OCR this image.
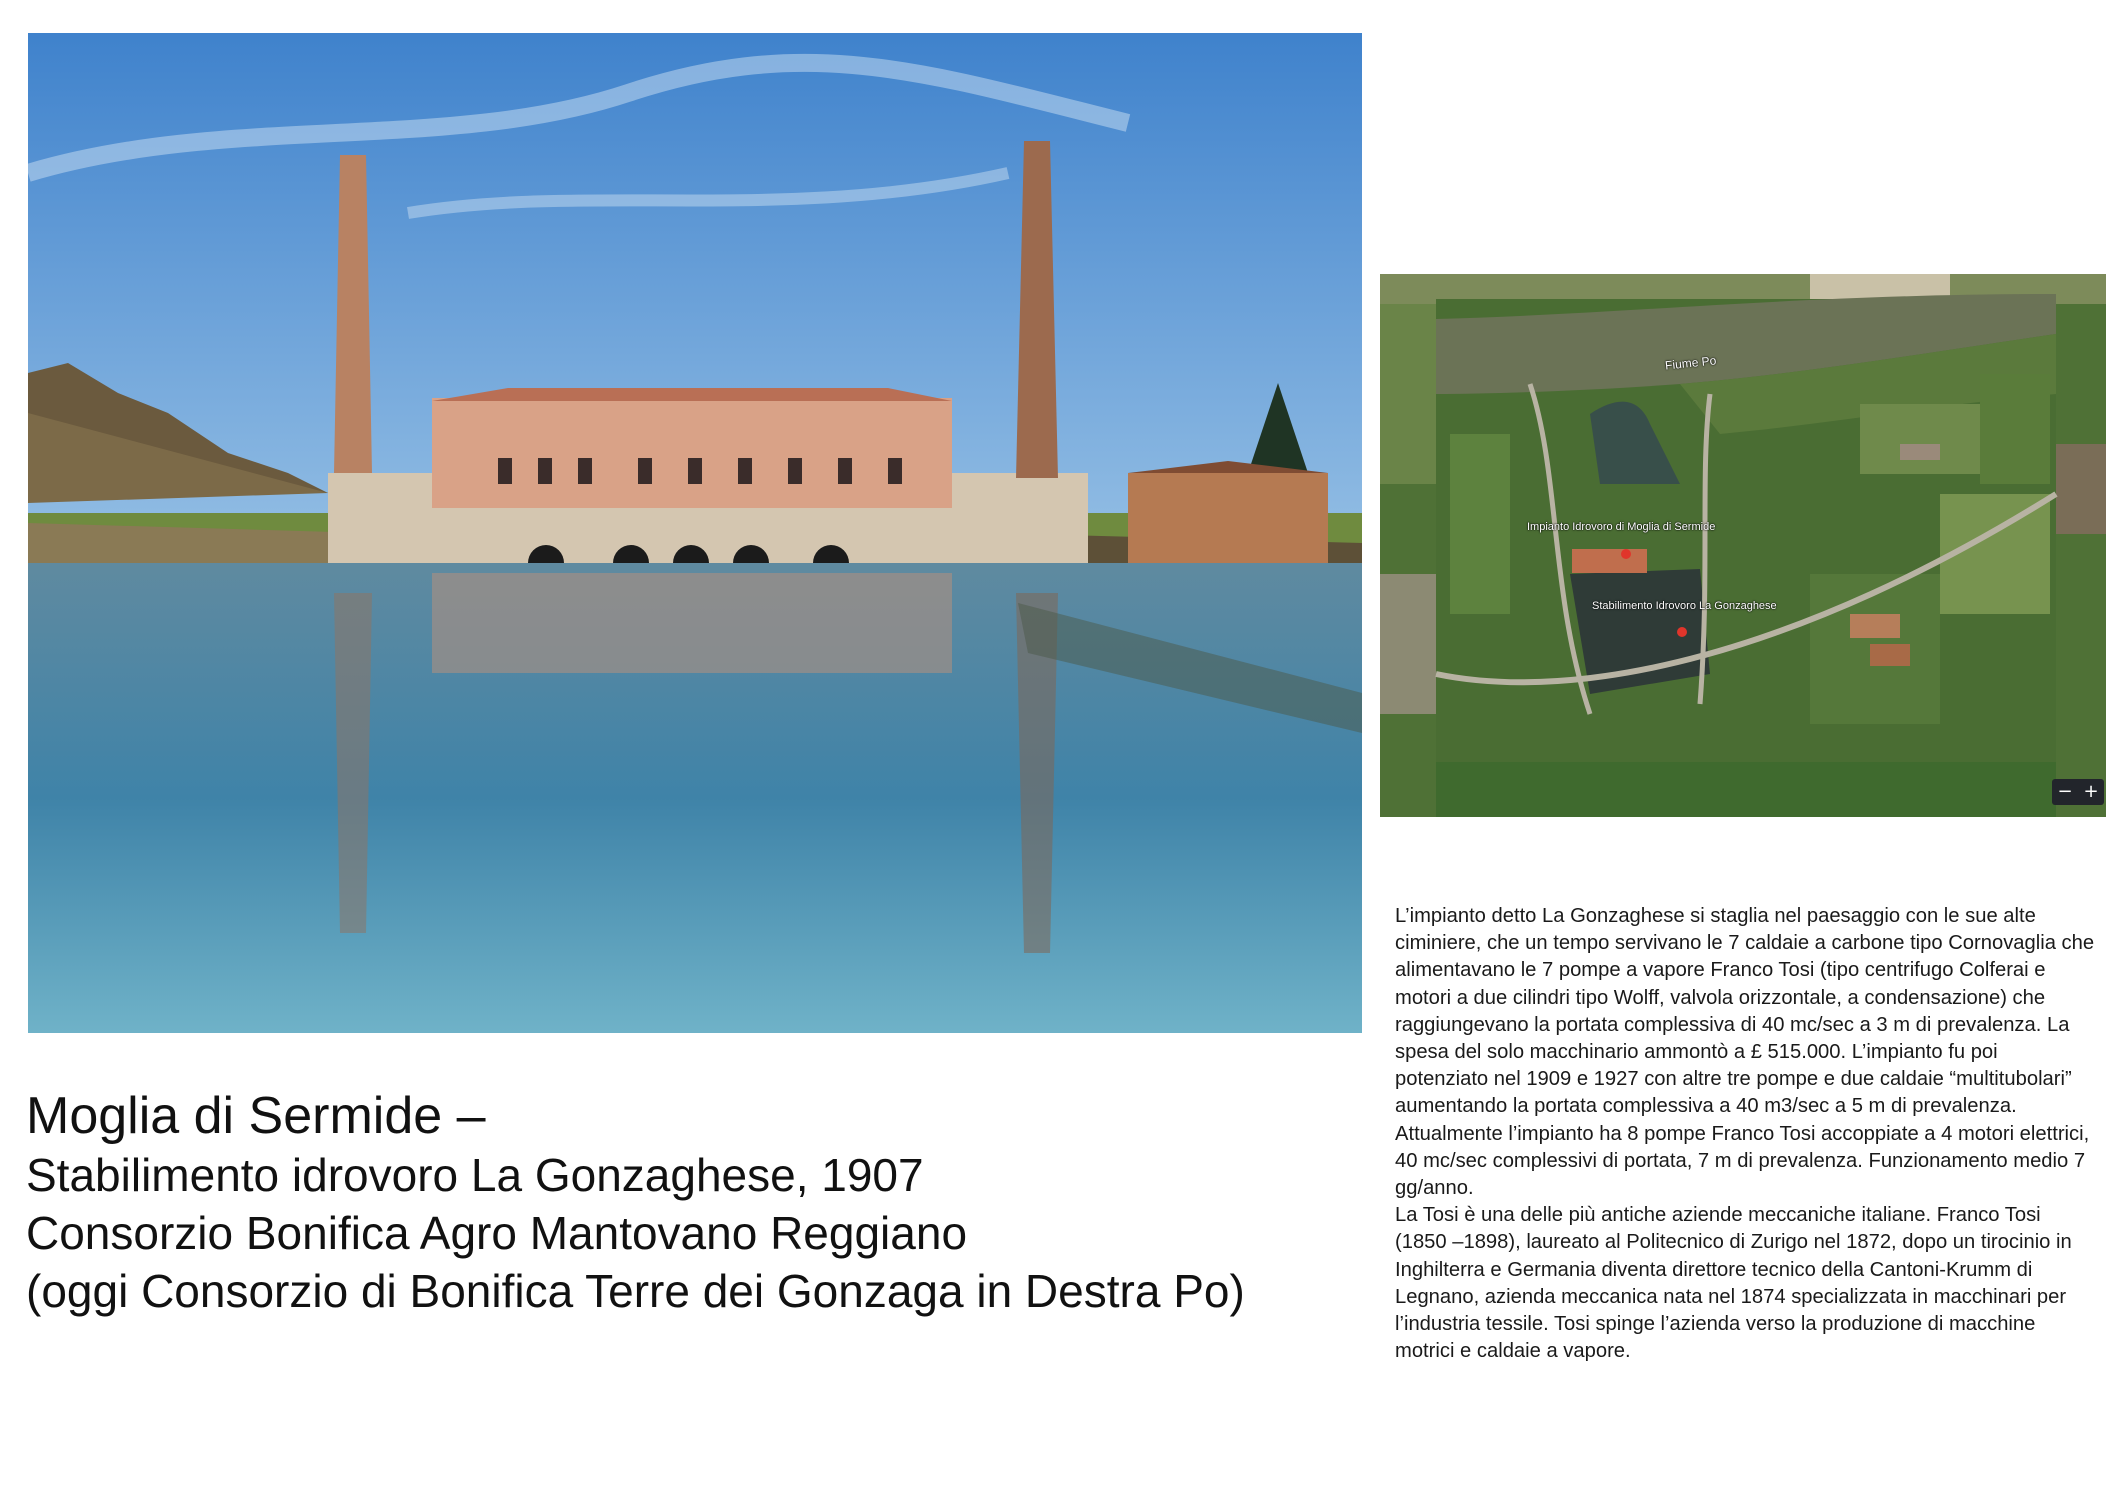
Fiume Po
Impianto Idrovoro di Moglia di Sermide
Stabilimento Idrovoro La Gonzaghese
− +
Moglia di Sermide –
Stabilimento idrovoro La Gonzaghese, 1907
Consorzio Bonifica Agro Mantovano Reggiano
(oggi Consorzio di Bonifica Terre dei Gonzaga in Destra Po)

L’impianto detto La Gonzaghese si staglia nel paesaggio con le sue alte ciminiere, che un tempo servivano le 7 caldaie a carbone tipo Cornovaglia che alimentavano le 7 pompe a vapore Franco Tosi (tipo centrifugo Colferai e motori a due cilindri tipo Wolff, valvola orizzontale, a condensazione) che raggiungevano la portata complessiva di 40 mc/sec a 3 m di prevalenza. La spesa del solo macchinario ammontò a £ 515.000. L’impianto fu poi potenziato nel 1909 e 1927 con altre tre pompe e due caldaie “multitubolari” aumentando la portata complessiva a 40 m3/sec a 5 m di prevalenza.

Attualmente l’impianto ha 8 pompe Franco Tosi accoppiate a 4 motori elettrici, 40 mc/sec complessivi di portata, 7 m di prevalenza. Funzionamento medio 7 gg/anno.

La Tosi è una delle più antiche aziende meccaniche italiane. Franco Tosi (1850 –1898), laureato al Politecnico di Zurigo nel 1872, dopo un tirocinio in Inghilterra e Germania diventa direttore tecnico della Cantoni-Krumm di Legnano, azienda meccanica nata nel 1874 specializzata in macchinari per l’industria tessile. Tosi spinge l’azienda verso la produzione di macchine motrici e caldaie a vapore.
